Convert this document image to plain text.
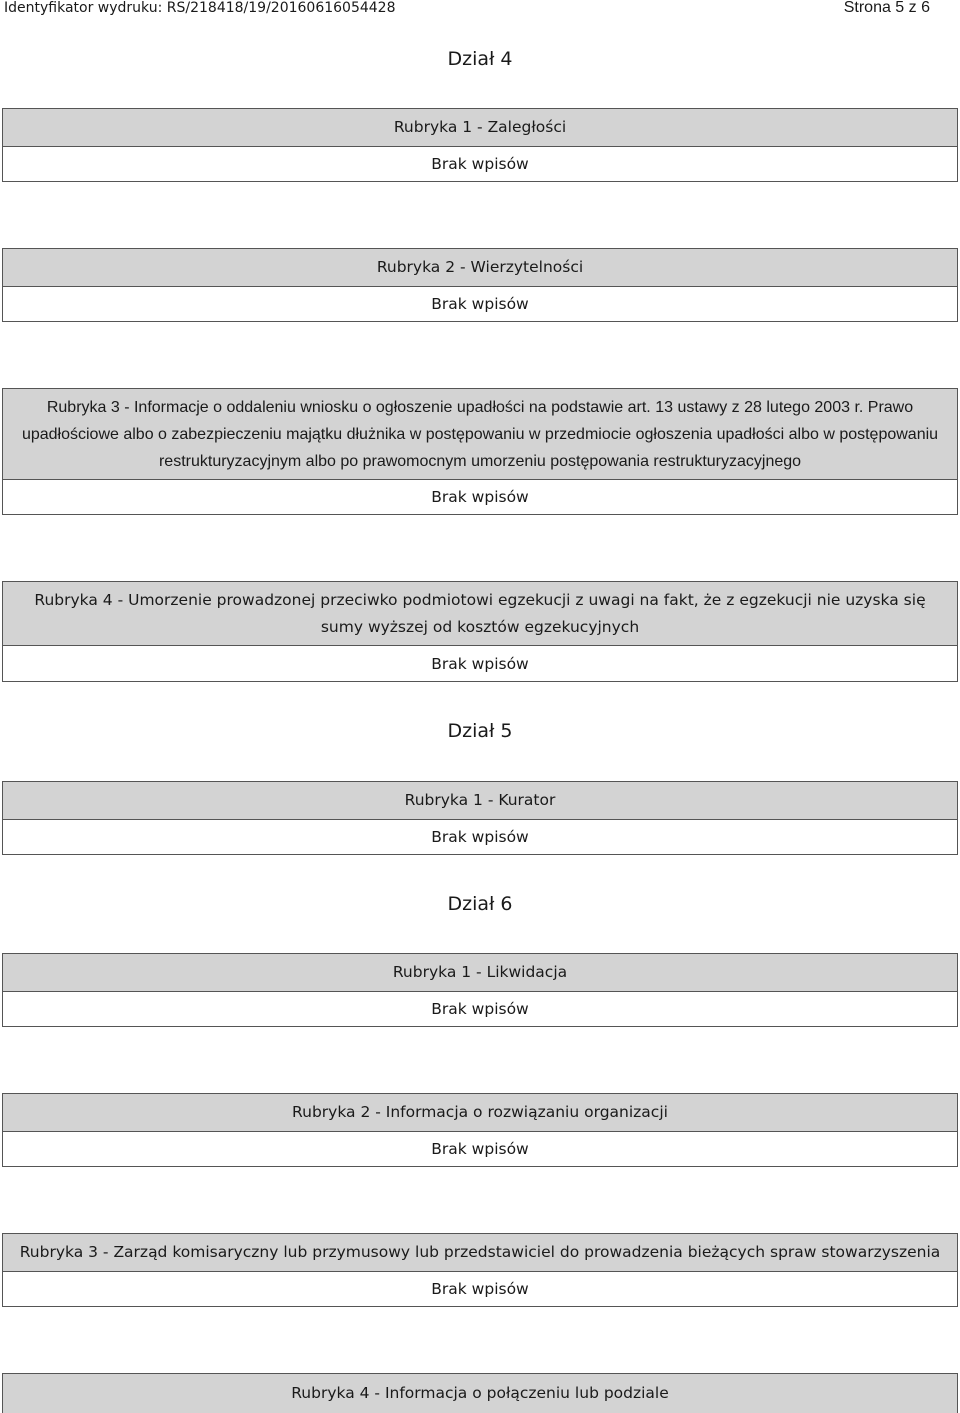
Identyfikator wydruku: RS/218418/19/20160616054428	Strona 5 z 6
Dział 4
Rubryka 1 - Zaległości
Brak wpisów
Rubryka 2 - Wierzytelności
Brak wpisów
Rubryka 3 - Informacje o oddaleniu wniosku o ogłoszenie upadłości na podstawie art. 13 ustawy z 28 lutego 2003 r. Prawo upadłościowe albo o zabezpieczeniu majątku dłużnika w postępowaniu w przedmiocie ogłoszenia upadłości albo w postępowaniu restrukturyzacyjnym albo po prawomocnym umorzeniu postępowania restrukturyzacyjnego
Brak wpisów
Rubryka 4 - Umorzenie prowadzonej przeciwko podmiotowi egzekucji z uwagi na fakt, że z egzekucji nie uzyska się sumy wyższej od kosztów egzekucyjnych
Brak wpisów
Dział 5
Rubryka 1 - Kurator
Brak wpisów
Dział 6
Rubryka 1 - Likwidacja
Brak wpisów
Rubryka 2 - Informacja o rozwiązaniu organizacji
Brak wpisów
Rubryka 3 - Zarząd komisaryczny lub przymusowy lub przedstawiciel do prowadzenia bieżących spraw stowarzyszenia
Brak wpisów
Rubryka 4 - Informacja o połączeniu lub podziale
